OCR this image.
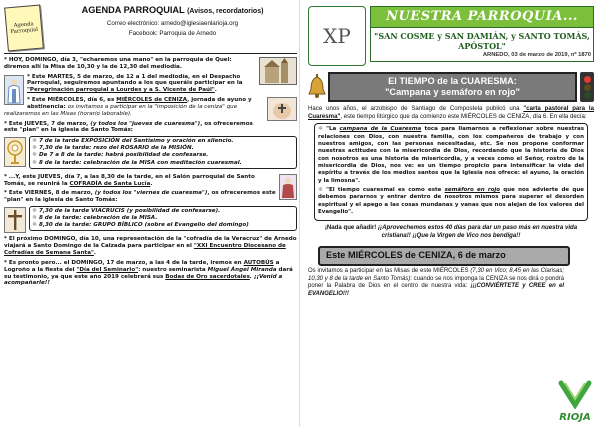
Agenda
Parroquial
AGENDA PARROQUIAL (Avisos, recordatorios)
Correo electrónico: arnedo@iglesiaenlarioja.org
Facebook: Parroquia de Arnedo
* HOY, DOMINGO, día 3, "echaremos una mano" en la parroquia de Quel: diremos allí la Misa de 10,30 y la de 12,30 del mediodía.
* Este MARTES, 5 de marzo, de 12 a 1 del mediodía, en el Despacho Parroquial, seguiremos apuntando a los que queráis participar en la "Peregrinación parroquial a Lourdes y a S. Vicente de Paúl".
* Este MIÉRCOLES, día 6, es MIÉRCOLES de CENIZA, jornada de ayuno y abstinencia: os invitamos a participar en la "imposición de la ceniza" que realizaremos en las Misas (horario laborable).
* Este JUEVES, 7 de marzo, (y todos los "jueves de cuaresma"), os ofreceremos este "plan" en la iglesia de Santo Tomás:
☼ 7 de la tarde EXPOSICIÓN del Santísimo y oración en silencio.
☼ 7,30 de la tarde: rezo del ROSARIO de la MISIÓN.
☼ De 7 a 8 de la tarde: habrá posibilidad de confesarse.
☼ 8 de la tarde: celebración de la MISA con meditación cuaresmal.
* ...Y, este JUEVES, día 7, a las 8,30 de la tarde, en el Salón parroquial de Santo Tomás, se reunirá la COFRADÍA de Santa Lucía.
* Este VIERNES, 8 de marzo, (y todos los "viernes de cuaresma"), os ofreceremos este "plan" en la iglesia de Santo Tomás:
☼ 7,30 de la tarde VIACRUCIS (y posibilidad de confesarse).
☼ 8 de la tarde: celebración de la MISA.
☼ 8,30 de la tarde: GRUPO BÍBLICO (sobre el Evangelio del domingo)
* El próximo DOMINGO, día 10, una representación de la "cofradía de la Veracruz" de Arnedo viajará a Santo Domingo de la Calzada para participar en el "XXI Encuentro Diocesano de Cofradías de Semana Santa".
* Es pronto pero... el DOMINGO, 17 de marzo, a las 4 de la tarde, iremos en AUTOBÚS a Logroño a la fiesta del "Día del Seminario": nuestro seminarista Miguel Ángel Miranda dará su testimonio, ya que este año 2019 celebrará sus Bodas de Oro sacerdotales. ¡¡Venid a acompañarle!!
XP
NUESTRA PARROQUIA...
"SAN COSME y SAN DAMIÁN, y SANTO TOMÁS, APÓSTOL"
ARNEDO, 03 de marzo de 2019, nº 1870
El TIEMPO de la CUARESMA:
"Campana y semáforo en rojo"
Hace unos años, el arzobispo de Santiago de Compostela publicó una "carta pastoral para la Cuaresma", este tiempo litúrgico que da comienzo este MIÉRCOLES de CENIZA, día 6. En ella decía:

☼ "La campana de la Cuaresma toca para llamarnos a reflexionar sobre nuestras relaciones con Dios, con nuestra familia, con los compañeros de trabajo y con nuestros amigos, con las personas necesitadas, etc. Se nos propone conformar nuestras actitudes con la misericordia de Dios, recordando que la historia de Dios con nosotros es una historia de misericordia, y a veces como el Señor, rostro de la misericordia de Dios, nos ve: es un tiempo propicio para intensificar la vida del espíritu a través de los medios santos que la Iglesia nos ofrece: el ayuno, la oración y la limosna".

☼ "El tiempo cuaresmal es como este semáforo en rojo que nos advierte de que debemos pararnos y entrar dentro de nosotros mismos para superar el desorden espiritual y el apego a las cosas mundanas y vanas que nos alejan de los valores del Evangelio".

¡Nada que añadir! ¡¡Aprovechemos estos 40 días para dar un paso más en nuestra vida cristiana!! ¡¡Que la Virgen de Vico nos bendiga!!
Este MIÉRCOLES de CENIZA, 6 de marzo
Os invitamos a participar en las Misas de este MIÉRCOLES (7,30 en Vico; 8,45 en las Clarisas; 10,30 y 8 de la tarde en Santo Tomás): cuando se nos imponga la CENIZA se nos dirá o pondrá poner la Palabra de Dios en el centro de nuestra vida: ¡¡¡CONVIÉRTETE y CREE en el EVANGELIO!!!
RIOJA
